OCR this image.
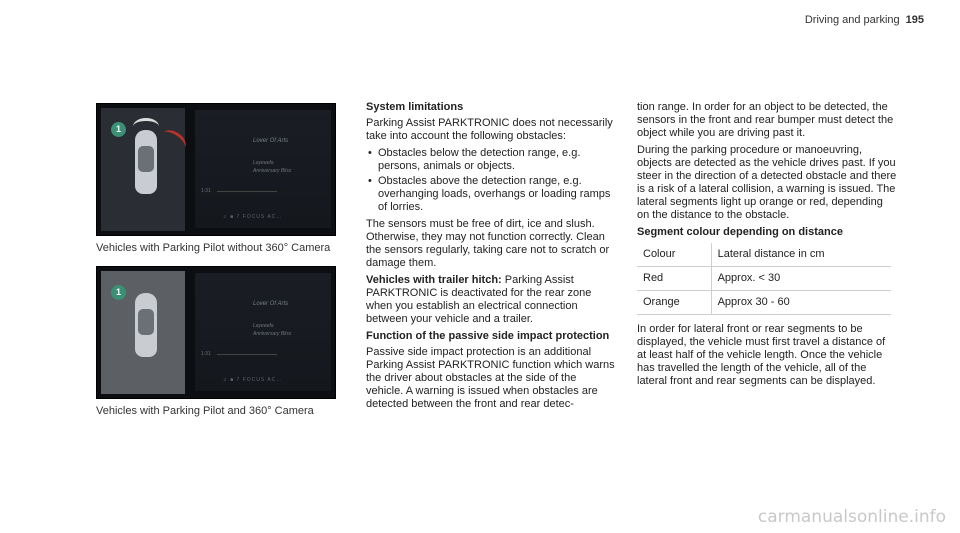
Driving and parking 195
1
Lover Of Arts
Layeeefa
Anniversary Bliss
1:31
♫ ■ 7 FOCUS AC…
Vehicles with Parking Pilot without 360° Camera
1
Lover Of Arts
Layeeefa
Anniversary Bliss
1:31
♫ ■ 7 FOCUS AC…
Vehicles with Parking Pilot and 360° Camera
System limitations

Parking Assist PARKTRONIC does not necessarily take into account the following obstacles:

• Obstacles below the detection range, e.g. persons, animals or objects.
• Obstacles above the detection range, e.g. overhanging loads, overhangs or loading ramps of lorries.

The sensors must be free of dirt, ice and slush. Otherwise, they may not function correctly. Clean the sensors regularly, taking care not to scratch or damage them.

Vehicles with trailer hitch: Parking Assist PARKTRONIC is deactivated for the rear zone when you establish an electrical connection between your vehicle and a trailer.

Function of the passive side impact protection

Passive side impact protection is an additional Parking Assist PARKTRONIC function which warns the driver about obstacles at the side of the vehicle. A warning is issued when obstacles are detected between the front and rear detec-

tion range. In order for an object to be detected, the sensors in the front and rear bumper must detect the object while you are driving past it.

During the parking procedure or manoeuvring, objects are detected as the vehicle drives past. If you steer in the direction of a detected obstacle and there is a risk of a lateral collision, a warning is issued. The lateral segments light up orange or red, depending on the distance to the obstacle.

Segment colour depending on distance
Colour	Lateral distance in cm
Red	Approx. < 30
Orange	Approx 30 - 60

In order for lateral front or rear segments to be displayed, the vehicle must first travel a distance of at least half of the vehicle length. Once the vehicle has travelled the length of the vehicle, all of the lateral front and rear segments can be displayed.

carmanualsonline.info
